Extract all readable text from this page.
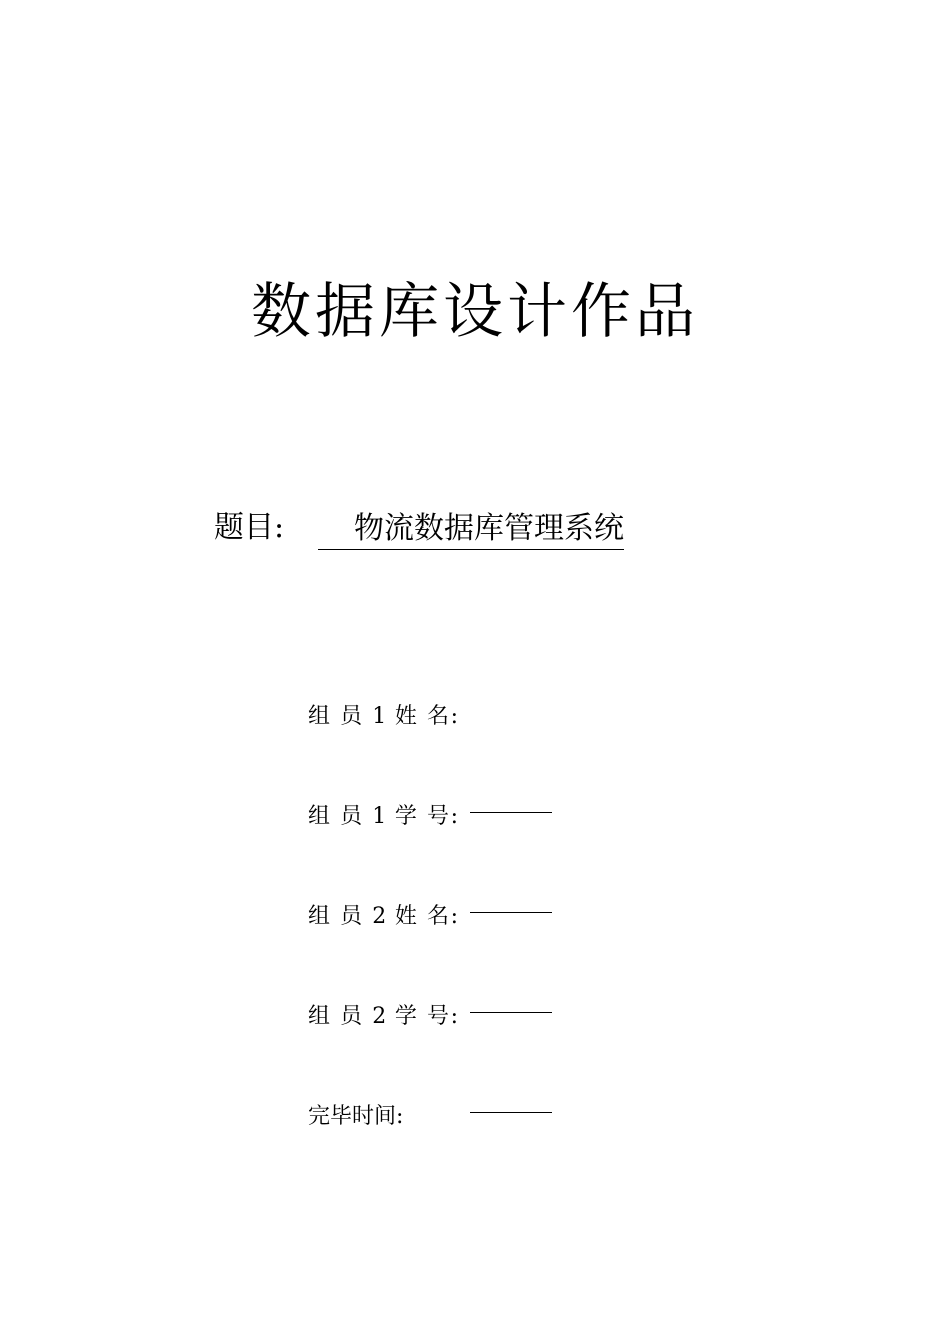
数据库设计作品
题目:	物流数据库管理系统
组 员 1 姓 名:
组 员 1 学 号:
组 员 2 姓 名:
组 员 2 学 号:
完毕时间:
